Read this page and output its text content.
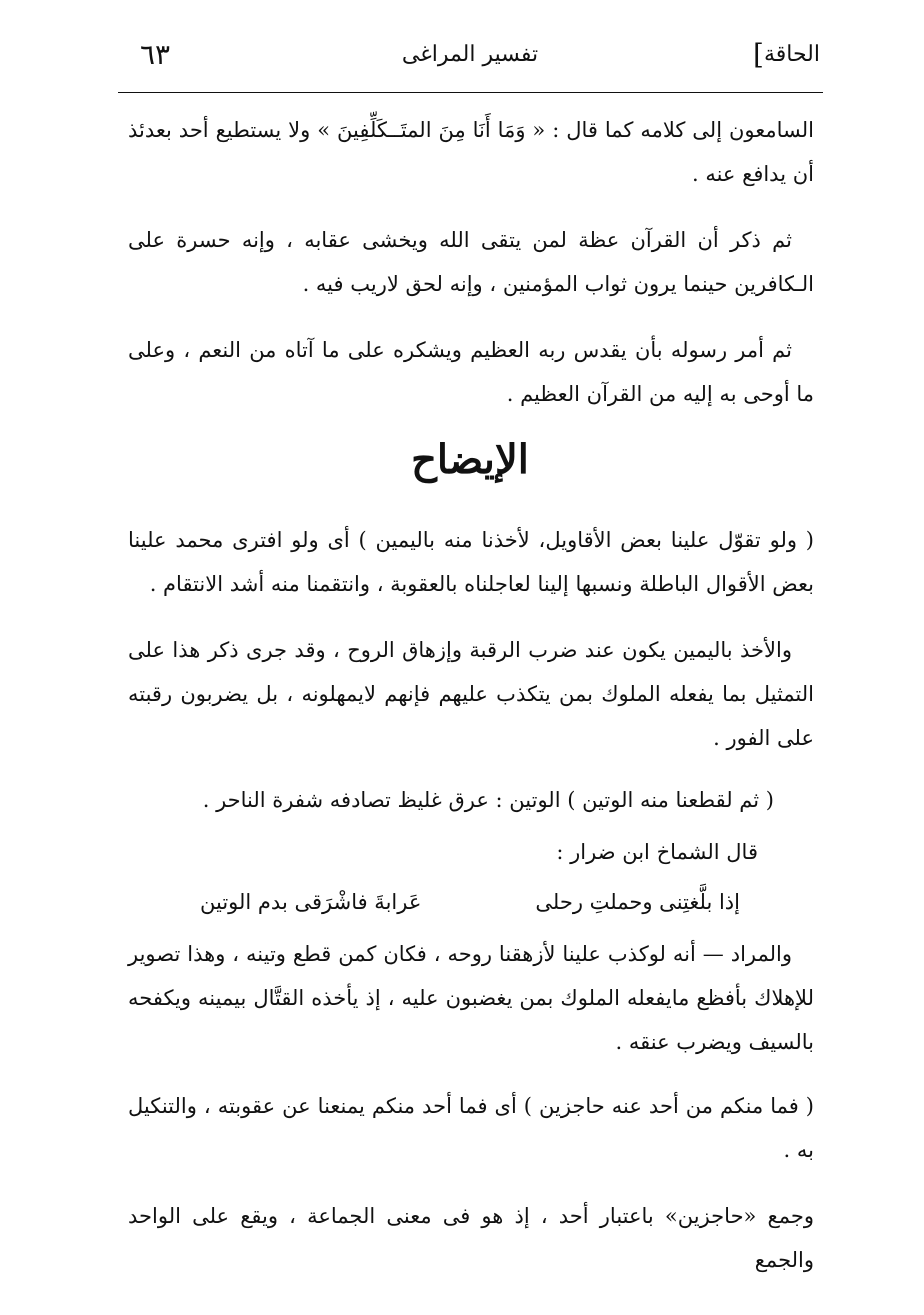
الحاقة]
تفسير المراغى
٦٣

السامعون إلى كلامه كما قال : « وَمَا أَنَا مِنَ المتَــكَلِّفِينَ » ولا يستطيع أحد بعدئذ أن يدافع عنه .

ثم ذكر أن القرآن عظة لمن يتقى الله ويخشى عقابه ، وإنه حسرة على الـكافرين حينما يرون ثواب المؤمنين ، وإنه لحق لاريب فيه .

ثم أمر رسوله بأن يقدس ربه العظيم ويشكره على ما آتاه من النعم ، وعلى ما أوحى به إليه من القرآن العظيم .

الإيضاح

( ولو تقوّل علينا بعض الأقاويل، لأخذنا منه باليمين ) أى ولو افترى محمد علينا بعض الأقوال الباطلة ونسبها إلينا لعاجلناه بالعقوبة ، وانتقمنا منه أشد الانتقام .

والأخذ باليمين يكون عند ضرب الرقبة وإزهاق الروح ، وقد جرى ذكر هذا على التمثيل بما يفعله الملوك بمن يتكذب عليهم فإنهم لايمهلونه ، بل يضربون رقبته على الفور .

( ثم لقطعنا منه الوتين ) الوتين : عرق غليظ تصادفه شفرة الناحر .

قال الشماخ ابن ضرار :

إذا بلَّغتِنى وحملتِ رحلى
عَرابةَ فاشْرَقى بدم الوتين

والمراد — أنه لوكذب علينا لأزهقنا روحه ، فكان كمن قطع وتينه ، وهذا تصوير للإهلاك بأفظع مايفعله الملوك بمن يغضبون عليه ، إذ يأخذه القتَّال بيمينه ويكفحه بالسيف ويضرب عنقه .

( فما منكم من أحد عنه حاجزين ) أى فما أحد منكم يمنعنا عن عقوبته ، والتنكيل به .

وجمع «حاجزين» باعتبار أحد ، إذ هو فى معنى الجماعة ، ويقع على الواحد والجمع
